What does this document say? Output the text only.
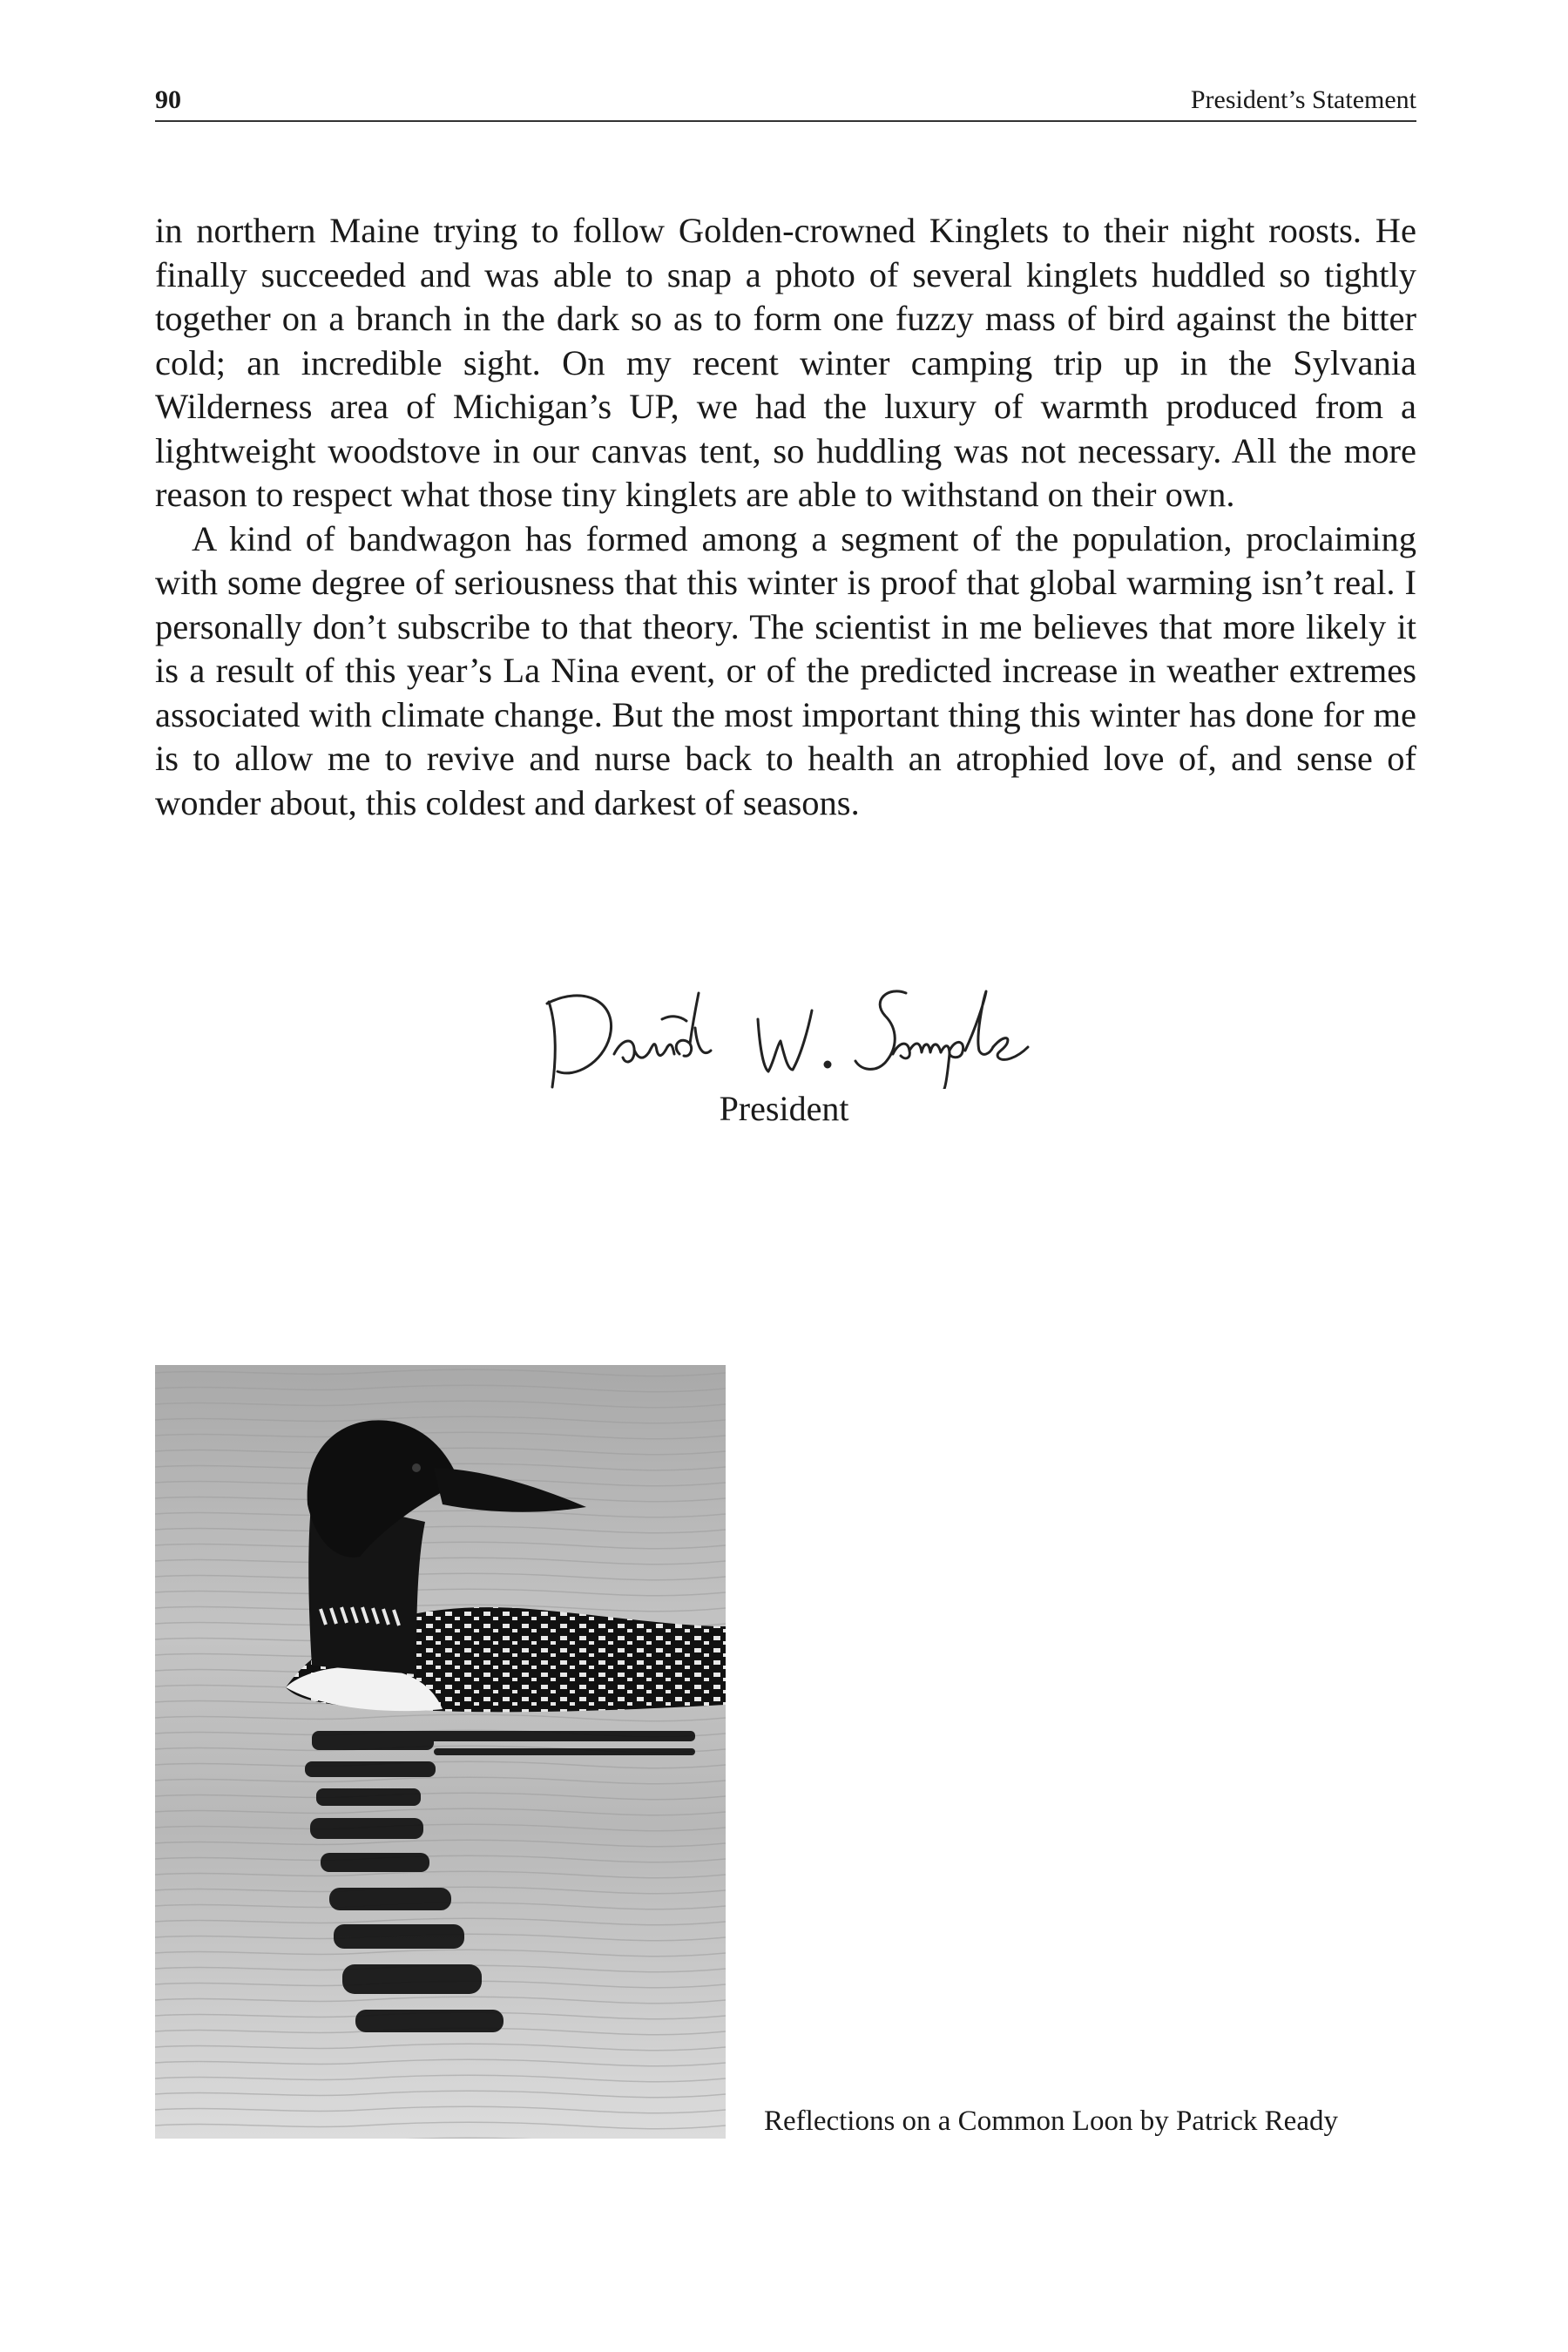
90	President’s Statement

in northern Maine trying to follow Golden-crowned Kinglets to their night roosts. He finally succeeded and was able to snap a photo of several kinglets huddled so tightly together on a branch in the dark so as to form one fuzzy mass of bird against the bitter cold; an incredible sight. On my recent winter camping trip up in the Sylvania Wilderness area of Michigan’s UP, we had the luxury of warmth produced from a lightweight woodstove in our canvas tent, so huddling was not necessary. All the more reason to respect what those tiny kinglets are able to withstand on their own.

A kind of bandwagon has formed among a segment of the population, proclaiming with some degree of seriousness that this winter is proof that global warming isn’t real. I personally don’t subscribe to that theory. The scientist in me believes that more likely it is a result of this year’s La Nina event, or of the predicted increase in weather extremes associated with climate change. But the most important thing this winter has done for me is to allow me to revive and nurse back to health an atrophied love of, and sense of wonder about, this coldest and darkest of seasons.

President
Reflections on a Common Loon by Patrick Ready
